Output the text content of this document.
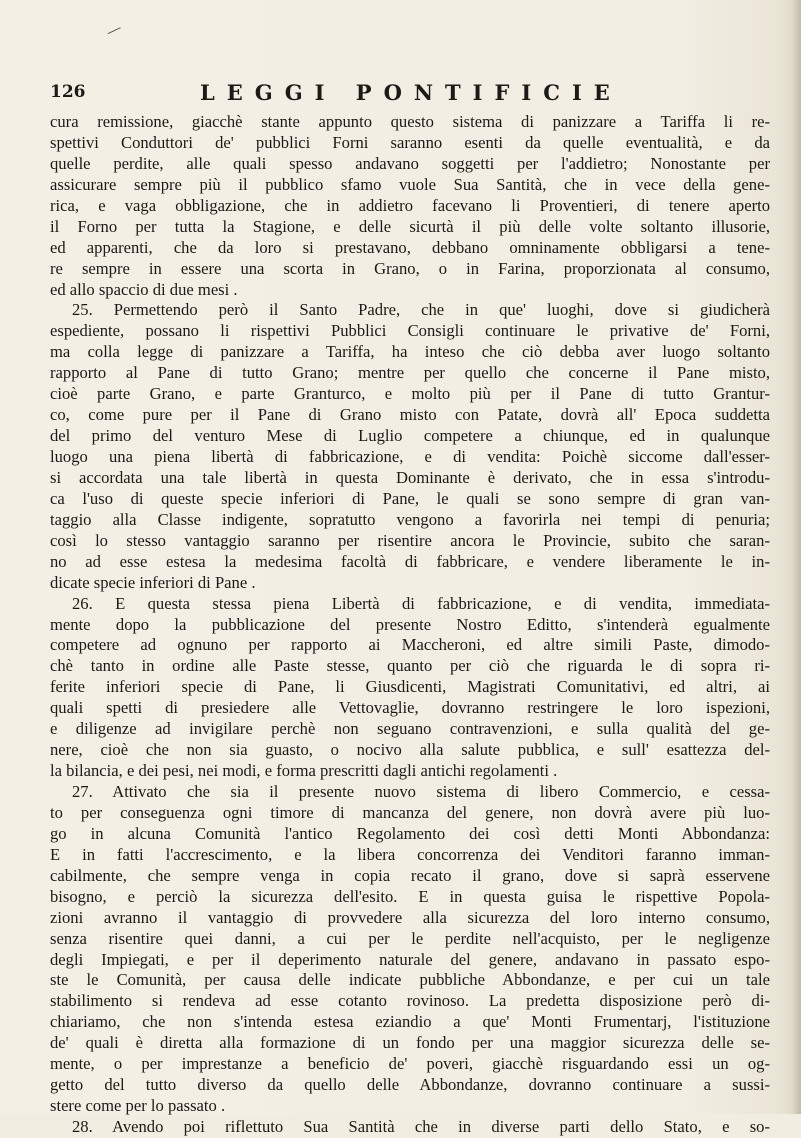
126	LEGGI PONTIFICIE
cura remissione, giacchè stante appunto questo sistema di panizzare a Tariffa li re-
spettivi Conduttori de' pubblici Forni saranno esenti da quelle eventualità, e da
quelle perdite, alle quali spesso andavano soggetti per l'addietro; Nonostante per
assicurare sempre più il pubblico sfamo vuole Sua Santità, che in vece della gene-
rica, e vaga obbligazione, che in addietro facevano li Proventieri, di tenere aperto
il Forno per tutta la Stagione, e delle sicurtà il più delle volte soltanto illusorie,
ed apparenti, che da loro si prestavano, debbano omninamente obbligarsi a tene-
re sempre in essere una scorta in Grano, o in Farina, proporzionata al consumo,
ed allo spaccio di due mesi .
25. Permettendo però il Santo Padre, che in que' luoghi, dove si giudicherà
espediente, possano li rispettivi Pubblici Consigli continuare le privative de' Forni,
ma colla legge di panizzare a Tariffa, ha inteso che ciò debba aver luogo soltanto
rapporto al Pane di tutto Grano; mentre per quello che concerne il Pane misto,
cioè parte Grano, e parte Granturco, e molto più per il Pane di tutto Grantur-
co, come pure per il Pane di Grano misto con Patate, dovrà all' Epoca suddetta
del primo del venturo Mese di Luglio competere a chiunque, ed in qualunque
luogo una piena libertà di fabbricazione, e di vendita: Poichè siccome dall'esser-
si accordata una tale libertà in questa Dominante è derivato, che in essa s'introdu-
ca l'uso di queste specie inferiori di Pane, le quali se sono sempre di gran van-
taggio alla Classe indigente, sopratutto vengono a favorirla nei tempi di penuria;
così lo stesso vantaggio saranno per risentire ancora le Provincie, subito che saran-
no ad esse estesa la medesima facoltà di fabbricare, e vendere liberamente le in-
dicate specie inferiori di Pane .
26. E questa stessa piena Libertà di fabbricazione, e di vendita, immediata-
mente dopo la pubblicazione del presente Nostro Editto, s'intenderà egualmente
competere ad ognuno per rapporto ai Maccheroni, ed altre simili Paste, dimodo-
chè tanto in ordine alle Paste stesse, quanto per ciò che riguarda le di sopra ri-
ferite inferiori specie di Pane, li Giusdicenti, Magistrati Comunitativi, ed altri, ai
quali spetti di presiedere alle Vettovaglie, dovranno restringere le loro ispezioni,
e diligenze ad invigilare perchè non seguano contravenzioni, e sulla qualità del ge-
nere, cioè che non sia guasto, o nocivo alla salute pubblica, e sull' esattezza del-
la bilancia, e dei pesi, nei modi, e forma prescritti dagli antichi regolamenti .
27. Attivato che sia il presente nuovo sistema di libero Commercio, e cessa-
to per conseguenza ogni timore di mancanza del genere, non dovrà avere più luo-
go in alcuna Comunità l'antico Regolamento dei così detti Monti Abbondanza:
E in fatti l'accrescimento, e la libera concorrenza dei Venditori faranno imman-
cabilmente, che sempre venga in copia recato il grano, dove si saprà esservene
bisogno, e perciò la sicurezza dell'esito. E in questa guisa le rispettive Popola-
zioni avranno il vantaggio di provvedere alla sicurezza del loro interno consumo,
senza risentire quei danni, a cui per le perdite nell'acquisto, per le negligenze
degli Impiegati, e per il deperimento naturale del genere, andavano in passato espo-
ste le Comunità, per causa delle indicate pubbliche Abbondanze, e per cui un tale
stabilimento si rendeva ad esse cotanto rovinoso. La predetta disposizione però di-
chiariamo, che non s'intenda estesa eziandio a que' Monti Frumentarj, l'istituzione
de' quali è diretta alla formazione di un fondo per una maggior sicurezza delle se-
mente, o per imprestanze a beneficio de' poveri, giacchè risguardando essi un og-
getto del tutto diverso da quello delle Abbondanze, dovranno continuare a sussi-
stere come per lo passato .
28. Avendo poi riflettuto Sua Santità che in diverse parti dello Stato, e so-
